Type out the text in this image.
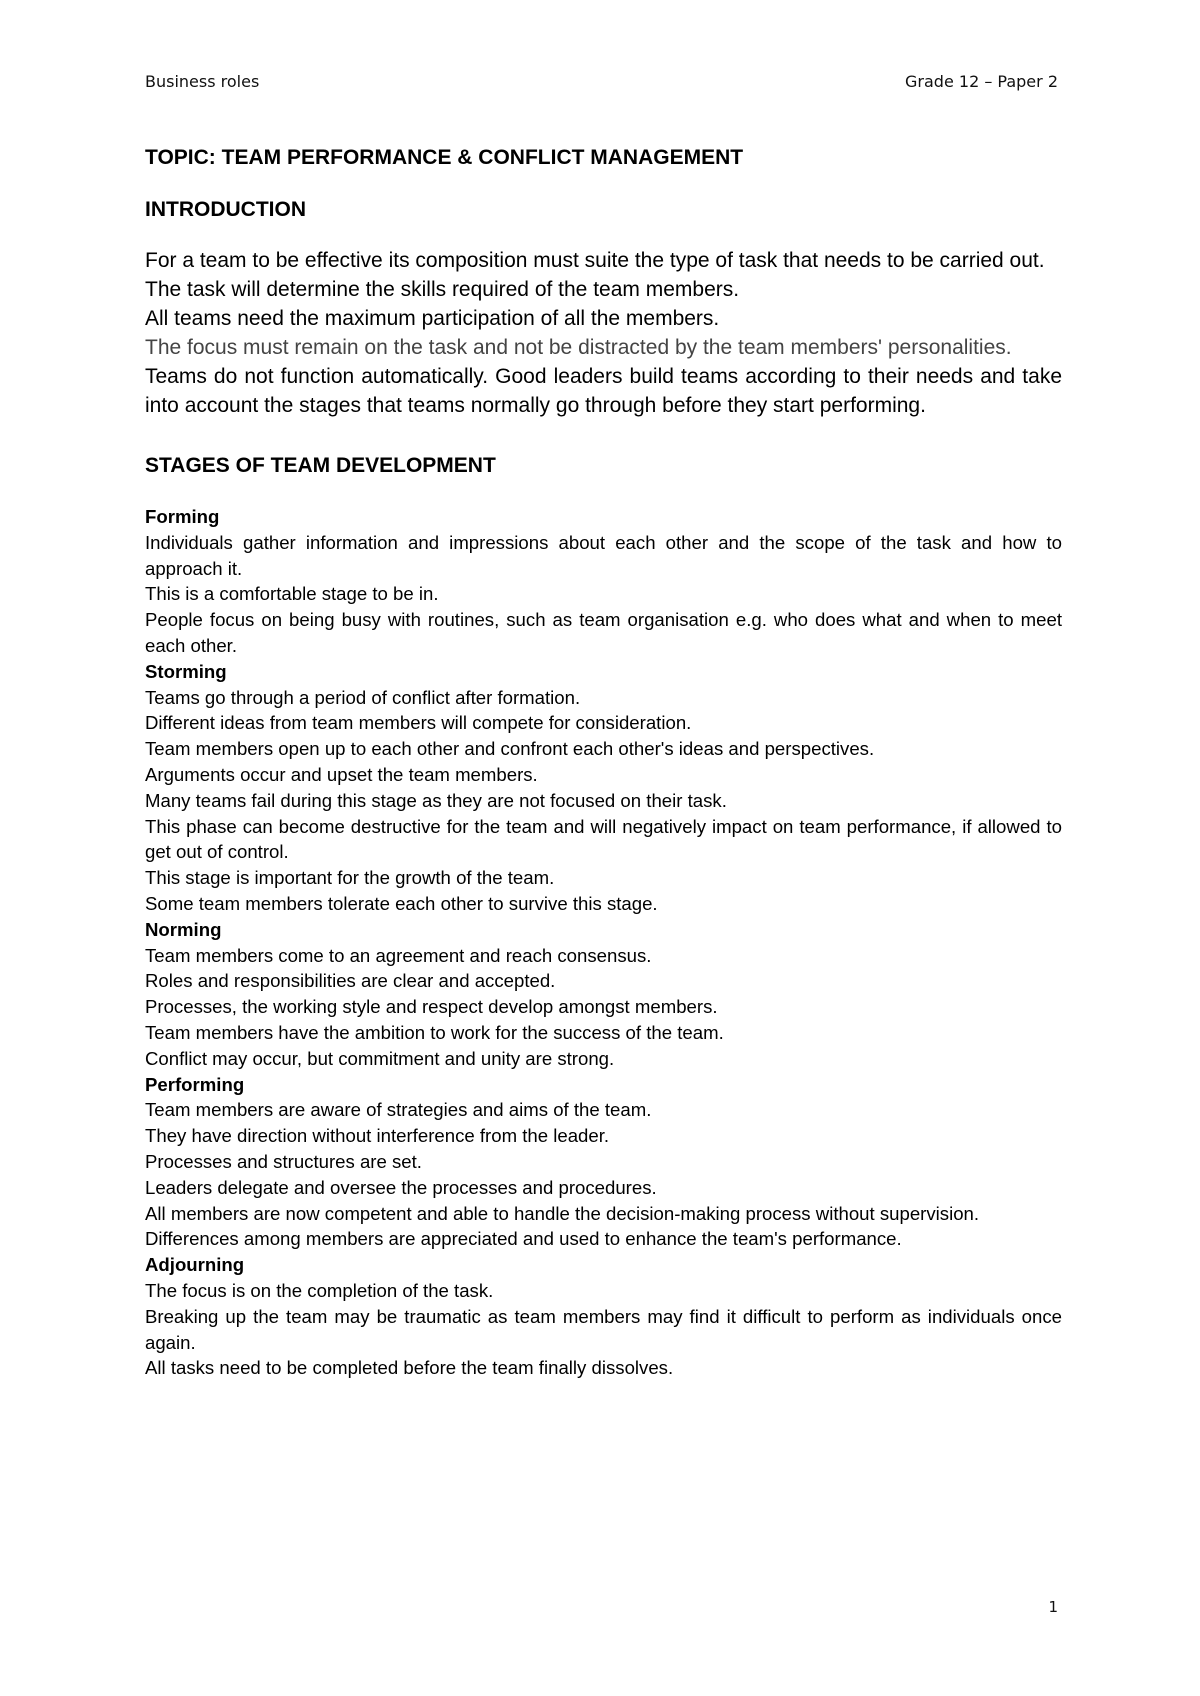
Business roles	Grade 12 – Paper 2
TOPIC: TEAM PERFORMANCE & CONFLICT MANAGEMENT
INTRODUCTION

For a team to be effective its composition must suite the type of task that needs to be carried out.

The task will determine the skills required of the team members.

All teams need the maximum participation of all the members.

The focus must remain on the task and not be distracted by the team members' personalities.

Teams do not function automatically. Good leaders build teams according to their needs and take into account the stages that teams normally go through before they start performing.

STAGES OF TEAM DEVELOPMENT

Forming

Individuals gather information and impressions about each other and the scope of the task and how to approach it.

This is a comfortable stage to be in.

People focus on being busy with routines, such as team organisation e.g. who does what and when to meet each other.

Storming

Teams go through a period of conflict after formation.

Different ideas from team members will compete for consideration.

Team members open up to each other and confront each other's ideas and perspectives.

Arguments occur and upset the team members.

Many teams fail during this stage as they are not focused on their task.

This phase can become destructive for the team and will negatively impact on team performance, if allowed to get out of control.

This stage is important for the growth of the team.

Some team members tolerate each other to survive this stage.

Norming

Team members come to an agreement and reach consensus.

Roles and responsibilities are clear and accepted.

Processes, the working style and respect develop amongst members.

Team members have the ambition to work for the success of the team.

Conflict may occur, but commitment and unity are strong.

Performing

Team members are aware of strategies and aims of the team.

They have direction without interference from the leader.

Processes and structures are set.

Leaders delegate and oversee the processes and procedures.

All members are now competent and able to handle the decision-making process without supervision.

Differences among members are appreciated and used to enhance the team's performance.

Adjourning

The focus is on the completion of the task.

Breaking up the team may be traumatic as team members may find it difficult to perform as individuals once again.

All tasks need to be completed before the team finally dissolves.

1
